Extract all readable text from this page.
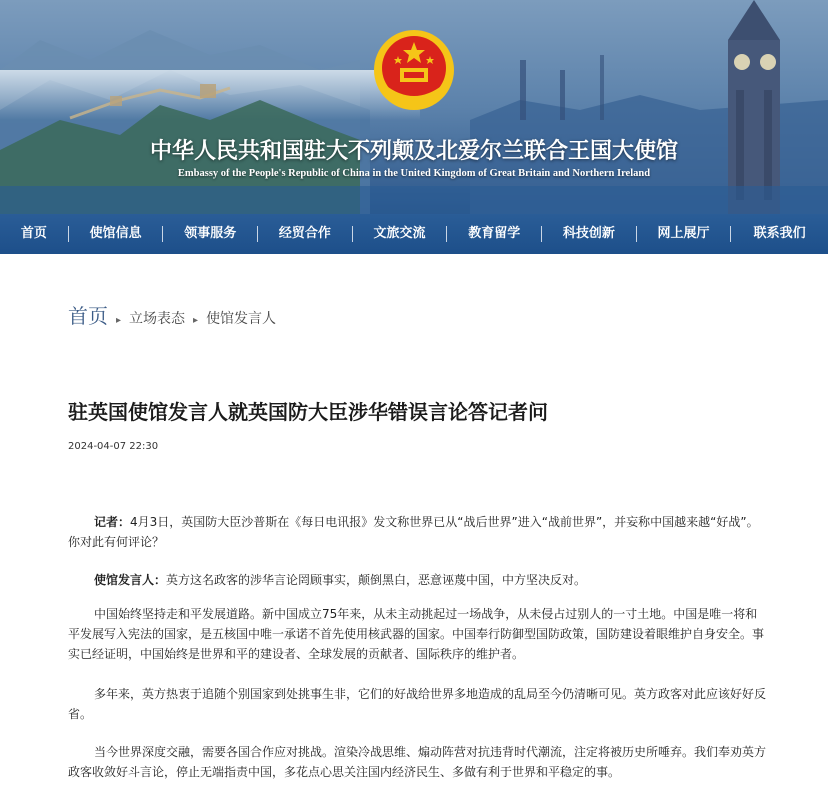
中华人民共和国驻大不列颠及北爱尔兰联合王国大使馆
Embassy of the People's Republic of China in the United Kingdom of Great Britain and Northern Ireland
首页	使馆信息	领事服务	经贸合作	文旅交流	教育留学	科技创新	网上展厅	联系我们
首页 ▸ 立场表态 ▸ 使馆发言人
驻英国使馆发言人就英国防大臣涉华错误言论答记者问
2024-04-07 22:30

记者：4月3日，英国防大臣沙普斯在《每日电讯报》发文称世界已从“战后世界”进入“战前世界”，并妄称中国越来越“好战”。你对此有何评论？

使馆发言人：英方这名政客的涉华言论罔顾事实，颠倒黑白，恶意诬蔑中国，中方坚决反对。

中国始终坚持走和平发展道路。新中国成立75年来，从未主动挑起过一场战争，从未侵占过别人的一寸土地。中国是唯一将和平发展写入宪法的国家，是五核国中唯一承诺不首先使用核武器的国家。中国奉行防御型国防政策，国防建设着眼维护自身安全。事实已经证明，中国始终是世界和平的建设者、全球发展的贡献者、国际秩序的维护者。

多年来，英方热衷于追随个别国家到处挑事生非，它们的好战给世界多地造成的乱局至今仍清晰可见。英方政客对此应该好好反省。

当今世界深度交融，需要各国合作应对挑战。渲染冷战思维、煽动阵营对抗违背时代潮流，注定将被历史所唾弃。我们奉劝英方政客收敛好斗言论，停止无端指责中国，多花点心思关注国内经济民生、多做有利于世界和平稳定的事。
